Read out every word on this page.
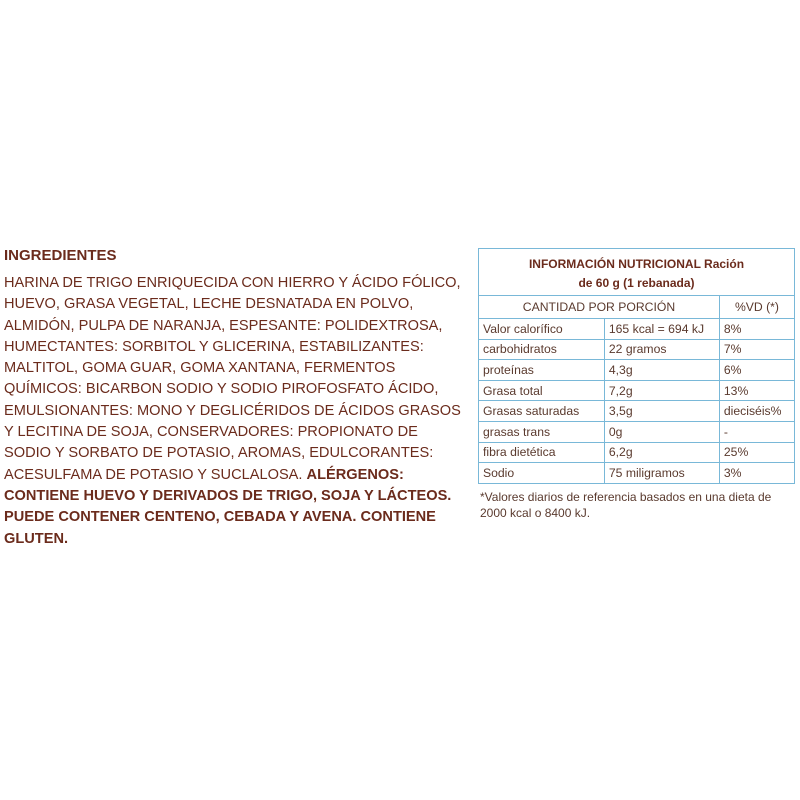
INGREDIENTES

HARINA DE TRIGO ENRIQUECIDA CON HIERRO Y ÁCIDO FÓLICO, HUEVO, GRASA VEGETAL, LECHE DESNATADA EN POLVO, ALMIDÓN, PULPA DE NARANJA, ESPESANTE: POLIDEXTROSA, HUMECTANTES: SORBITOL Y GLICERINA, ESTABILIZANTES: MALTITOL, GOMA GUAR, GOMA XANTANA, FERMENTOS QUÍMICOS: BICARBON SODIO Y SODIO PIROFOSFATO ÁCIDO, EMULSIONANTES: MONO Y DEGLICÉRIDOS DE ÁCIDOS GRASOS Y LECITINA DE SOJA, CONSERVADORES: PROPIONATO DE SODIO Y SORBATO DE POTASIO, AROMAS, EDULCORANTES: ACESULFAMA DE POTASIO Y SUCLALOSA. ALÉRGENOS: CONTIENE HUEVO Y DERIVADOS DE TRIGO, SOJA Y LÁCTEOS. PUEDE CONTENER CENTENO, CEBADA Y AVENA. CONTIENE GLUTEN.

INFORMACIÓN NUTRICIONAL Ración
de 60 g (1 rebanada)
CANTIDAD POR PORCIÓN		%VD (*)
Valor calorífico	165 kcal = 694 kJ	8%
carbohidratos	22 gramos	7%
proteínas	4,3g	6%
Grasa total	7,2g	13%
Grasas saturadas	3,5g	dieciséis%
grasas trans	0g	-
fibra dietética	6,2g	25%
Sodio	75 miligramos	3%
*Valores diarios de referencia basados en una dieta de 2000 kcal o 8400 kJ.
